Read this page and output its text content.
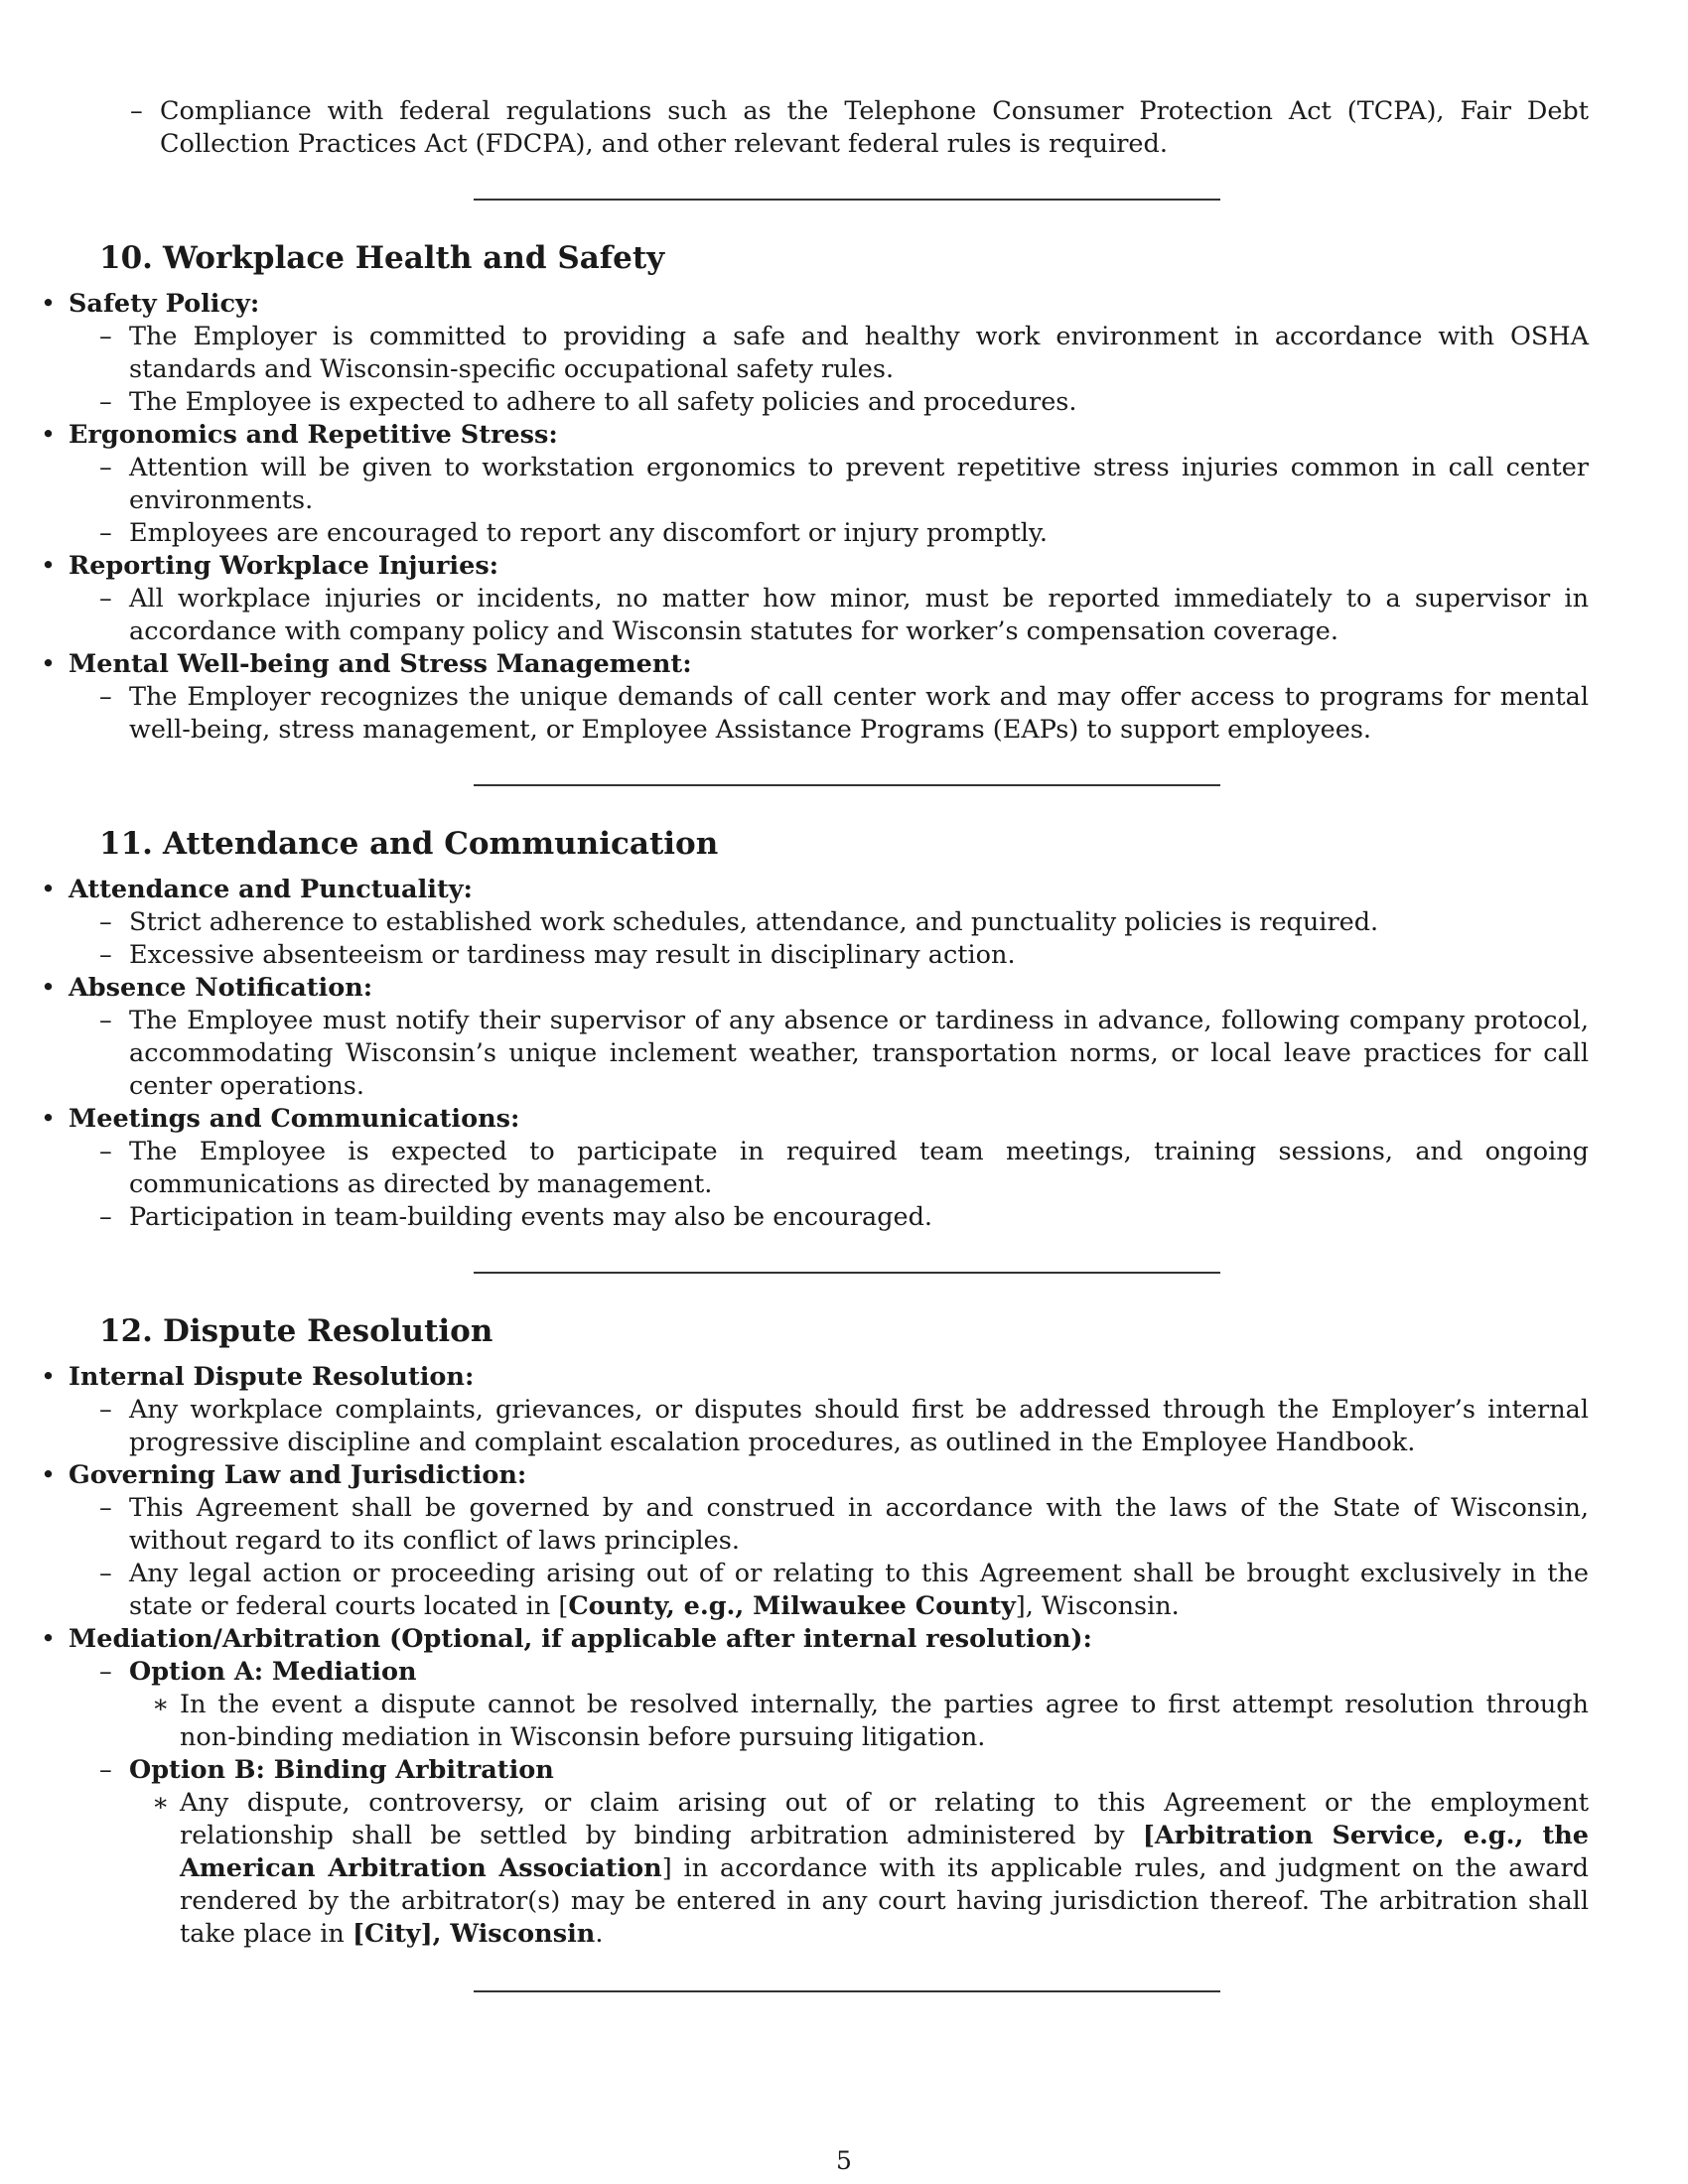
– Compliance with federal regulations such as the Telephone Consumer Protection Act (TCPA), Fair Debt Collection Practices Act (FDCPA), and other relevant federal rules is required.
10. Workplace Health and Safety
• Safety Policy:
– The Employer is committed to providing a safe and healthy work environment in accordance with OSHA standards and Wisconsin-specific occupational safety rules.
– The Employee is expected to adhere to all safety policies and procedures.
• Ergonomics and Repetitive Stress:
– Attention will be given to workstation ergonomics to prevent repetitive stress injuries common in call center environments.
– Employees are encouraged to report any discomfort or injury promptly.
• Reporting Workplace Injuries:
– All workplace injuries or incidents, no matter how minor, must be reported immediately to a supervisor in accordance with company policy and Wisconsin statutes for worker’s compensation coverage.
• Mental Well-being and Stress Management:
– The Employer recognizes the unique demands of call center work and may offer access to programs for mental well-being, stress management, or Employee Assistance Programs (EAPs) to support employees.
11. Attendance and Communication
• Attendance and Punctuality:
– Strict adherence to established work schedules, attendance, and punctuality policies is required.
– Excessive absenteeism or tardiness may result in disciplinary action.
• Absence Notification:
– The Employee must notify their supervisor of any absence or tardiness in advance, following company protocol, accommodating Wisconsin’s unique inclement weather, transportation norms, or local leave practices for call center operations.
• Meetings and Communications:
– The Employee is expected to participate in required team meetings, training sessions, and ongoing communications as directed by management.
– Participation in team-building events may also be encouraged.
12. Dispute Resolution
• Internal Dispute Resolution:
– Any workplace complaints, grievances, or disputes should first be addressed through the Employer’s internal progressive discipline and complaint escalation procedures, as outlined in the Employee Handbook.
• Governing Law and Jurisdiction:
– This Agreement shall be governed by and construed in accordance with the laws of the State of Wisconsin, without regard to its conflict of laws principles.
– Any legal action or proceeding arising out of or relating to this Agreement shall be brought exclusively in the state or federal courts located in [County, e.g., Milwaukee County], Wisconsin.
• Mediation/Arbitration (Optional, if applicable after internal resolution):
– Option A: Mediation
∗ In the event a dispute cannot be resolved internally, the parties agree to first attempt resolution through non-binding mediation in Wisconsin before pursuing litigation.
– Option B: Binding Arbitration
∗ Any dispute, controversy, or claim arising out of or relating to this Agreement or the employment relationship shall be settled by binding arbitration administered by [Arbitration Service, e.g., the American Arbitration Association] in accordance with its applicable rules, and judgment on the award rendered by the arbitrator(s) may be entered in any court having jurisdiction thereof. The arbitration shall take place in [City], Wisconsin.
5
